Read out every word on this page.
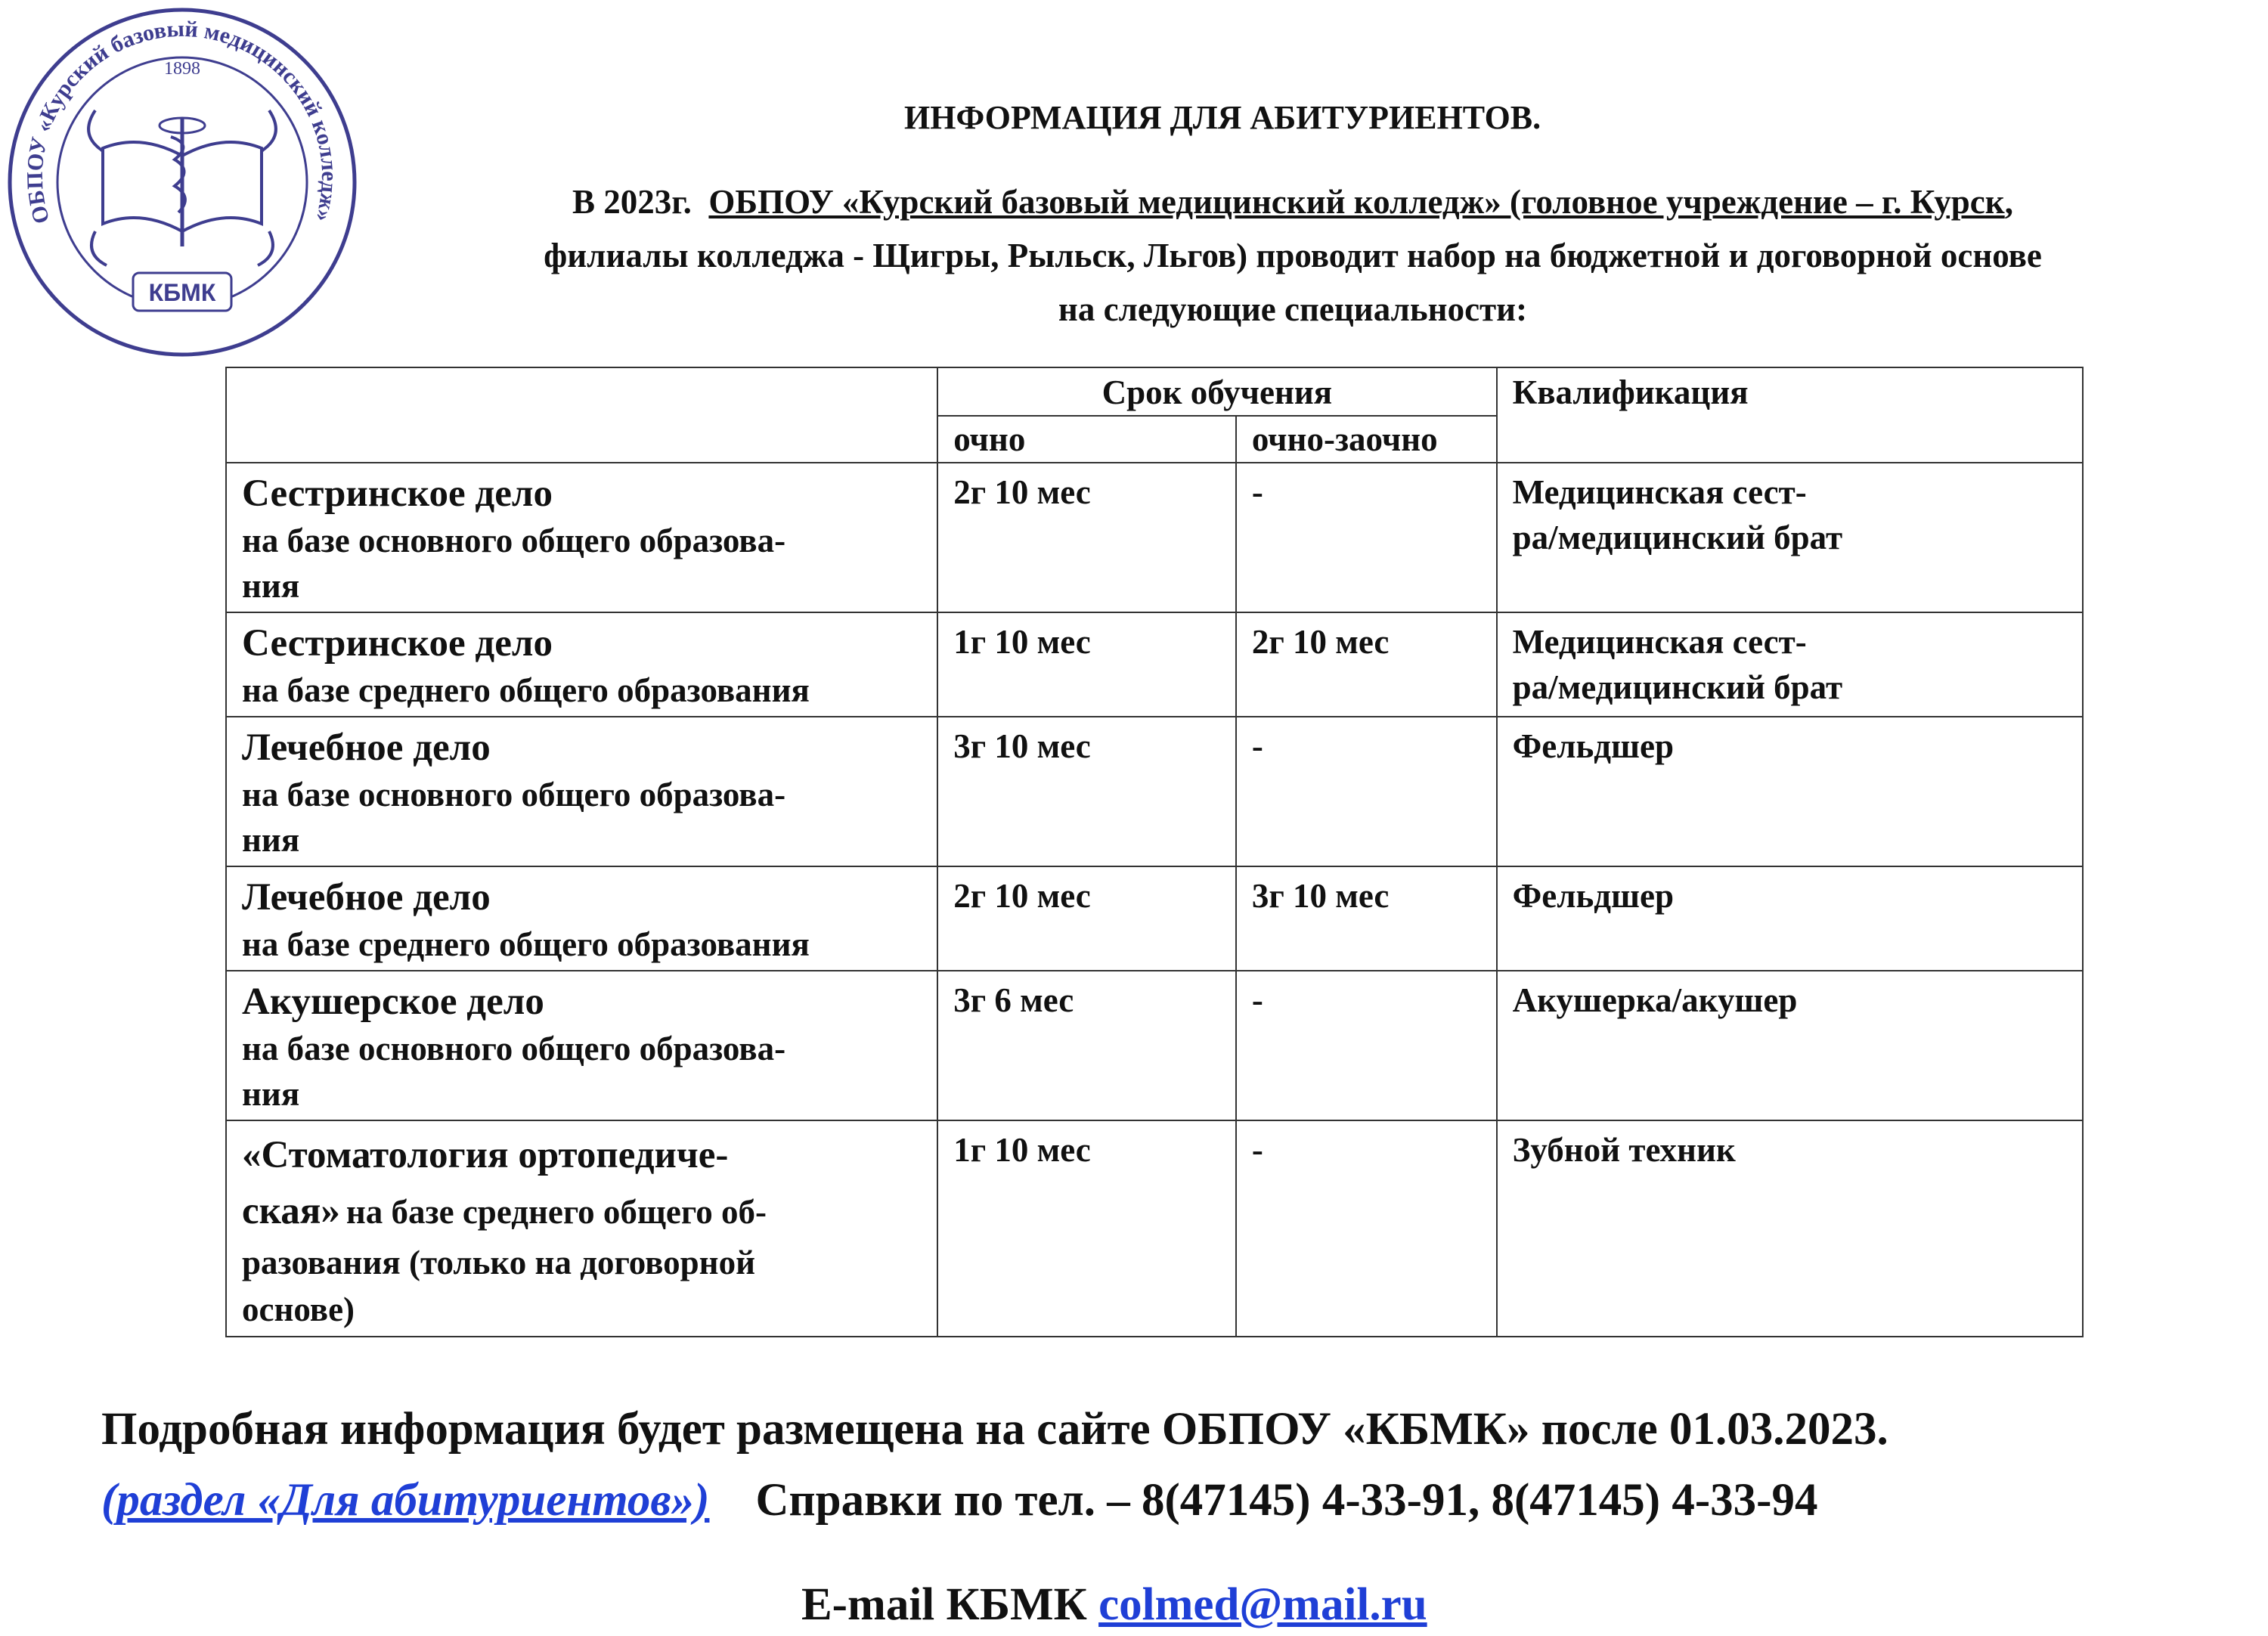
ОБПОУ «Курский базовый медицинский колледж»
1898
КБМК
ИНФОРМАЦИЯ ДЛЯ АБИТУРИЕНТОВ.

В 2023г. ОБПОУ «Курский базовый медицинский колледж» (головное учреждение – г. Курск,

филиалы колледжа - Щигры, Рыльск, Льгов) проводит набор на бюджетной и договорной основе

на следующие специальности:

	Срок обучения		Квалификация
	очно	очно-заочно	

Сестринское дело
на базе основного общего образова-
ния	2г 10 мес	-	Медицинская сест-
ра/медицинский брат

Сестринское дело
на базе среднего общего образования	1г 10 мес	2г 10 мес	Медицинская сест-
ра/медицинский брат

Лечебное дело
на базе основного общего образова-
ния	3г 10 мес	-	Фельдшер

Лечебное дело
на базе среднего общего образования	2г 10 мес	3г 10 мес	Фельдшер

Акушерское дело
на базе основного общего образова-
ния	3г 6 мес	-	Акушерка/акушер
«Стоматология ортопедиче-
ская» на базе среднего общего об-
разования (только на договорной
основе)	1г 10 мес	-	Зубной техник
Подробная информация будет размещена на сайте ОБПОУ «КБМК» после 01.03.2023.
(раздел «Для абитуриентов») Справки по тел. – 8(47145) 4-33-91, 8(47145) 4-33-94
E-mail КБМК colmed@mail.ru
